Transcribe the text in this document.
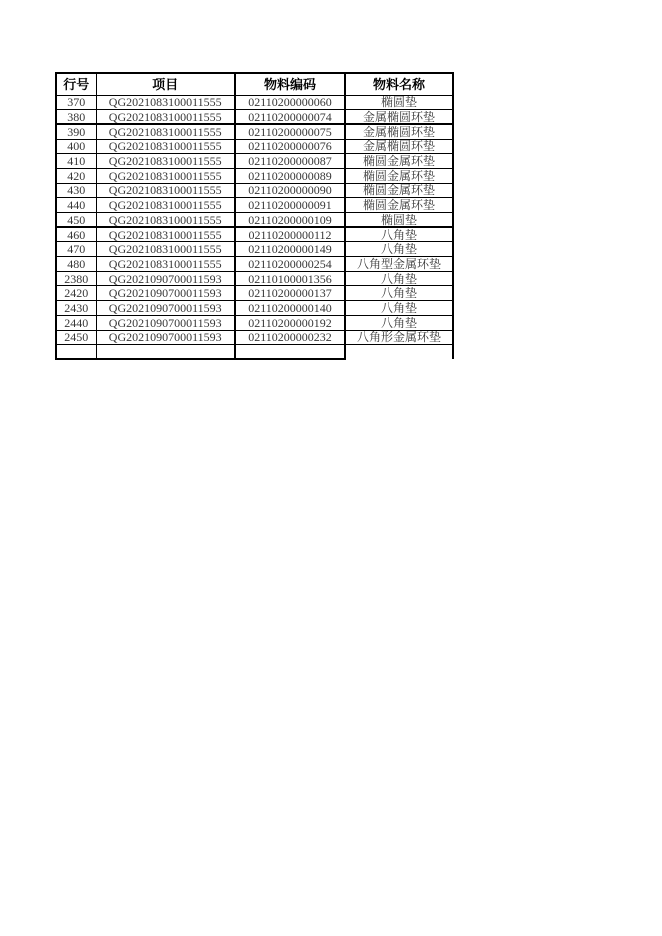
行号	项目	物料编码	物料名称
370	QG2021083100011555	02110200000060	椭圆垫
380	QG2021083100011555	02110200000074	金属椭圆环垫
390	QG2021083100011555	02110200000075	金属椭圆环垫
400	QG2021083100011555	02110200000076	金属椭圆环垫
410	QG2021083100011555	02110200000087	椭圆金属环垫
420	QG2021083100011555	02110200000089	椭圆金属环垫
430	QG2021083100011555	02110200000090	椭圆金属环垫
440	QG2021083100011555	02110200000091	椭圆金属环垫
450	QG2021083100011555	02110200000109	椭圆垫
460	QG2021083100011555	02110200000112	八角垫
470	QG2021083100011555	02110200000149	八角垫
480	QG2021083100011555	02110200000254	八角型金属环垫
2380	QG2021090700011593	02110100001356	八角垫
2420	QG2021090700011593	02110200000137	八角垫
2430	QG2021090700011593	02110200000140	八角垫
2440	QG2021090700011593	02110200000192	八角垫
2450	QG2021090700011593	02110200000232	八角形金属环垫
